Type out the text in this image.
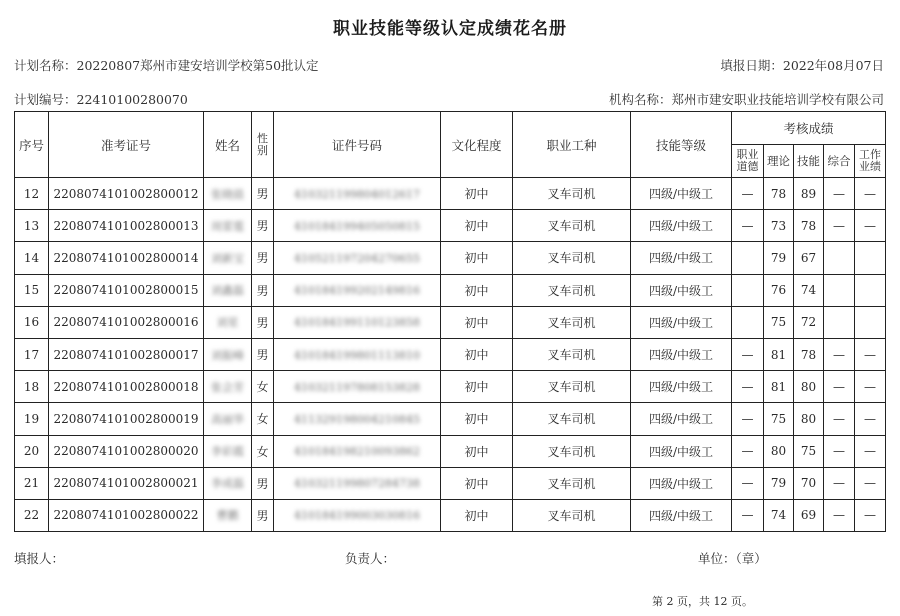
职业技能等级认定成绩花名册
计划名称：20220807郑州市建安培训学校第50批认定	填报日期：2022年08月07日
计划编号：22410100280070	机构名称：郑州市建安职业技能培训学校有限公司
序号	准考证号	姓名	性别	证件号码	文化程度	职业工种	技能等级	考核成绩				
								职业道德	理论	技能	综合	工作业绩
12	2208074101002800012	张晓晨	男	410321199804012617	初中	叉车司机	四级/中级工	—	78	89	—	—
13	2208074101002800013	周雷霆	男	410184199405050815	初中	叉车司机	四级/中级工	—	73	78	—	—
14	2208074101002800014	刘新宝	男	410521197204270655	初中	叉车司机	四级/中级工		79	67		
15	2208074101002800015	刘鑫磊	男	410184199202149816	初中	叉车司机	四级/中级工		76	74		
16	2208074101002800016	刘星	男	410184199110123858	初中	叉车司机	四级/中级工		75	72		
17	2208074101002800017	刘振峰	男	410184199801113810	初中	叉车司机	四级/中级工	—	81	78	—	—
18	2208074101002800018	张会芳	女	410321197808153828	初中	叉车司机	四级/中级工	—	81	80	—	—
19	2208074101002800019	高丽华	女	411329198004210845	初中	叉车司机	四级/中级工	—	75	80	—	—
20	2208074101002800020	李彩霞	女	410184198210093862	初中	叉车司机	四级/中级工	—	80	75	—	—
21	2208074101002800021	李成磊	男	410321199807284738	初中	叉车司机	四级/中级工	—	79	70	—	—
22	2208074101002800022	曹鹏	男	410184199003030816	初中	叉车司机	四级/中级工	—	74	69	—	—
填报人：	负责人：	单位：（章）
第 2 页，共 12 页。
